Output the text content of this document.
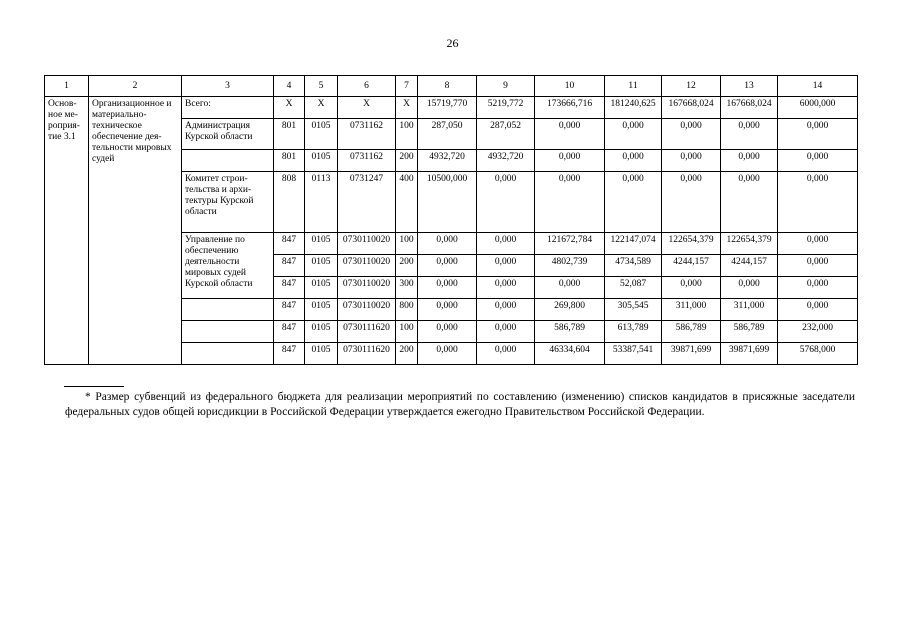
26
1	2	3	4	5	6	7	8	9	10	11	12	13	14
Основное мероприятие 3.1	Организационное и материально-техническое обеспечение деятельности мировых судей	Всего:	X	X	X	X	15719,770	5219,772	173666,716	181240,625	167668,024	167668,024	6000,000
		Администрация Курской области	801	0105	0731162	100	287,050	287,052	0,000	0,000	0,000	0,000	0,000
			801	0105	0731162	200	4932,720	4932,720	0,000	0,000	0,000	0,000	0,000
		Комитет строительства и архитектуры Курской области	808	0113	0731247	400	10500,000	0,000	0,000	0,000	0,000	0,000	0,000
		Управление по обеспечению деятельности мировых судей Курской области	847	0105	0730110020	100	0,000	0,000	121672,784	122147,074	122654,379	122654,379	0,000
			847	0105	0730110020	200	0,000	0,000	4802,739	4734,589	4244,157	4244,157	0,000
			847	0105	0730110020	300	0,000	0,000	0,000	52,087	0,000	0,000	0,000
			847	0105	0730110020	800	0,000	0,000	269,800	305,545	311,000	311,000	0,000
			847	0105	0730111620	100	0,000	0,000	586,789	613,789	586,789	586,789	232,000
			847	0105	0730111620	200	0,000	0,000	46334,604	53387,541	39871,699	39871,699	5768,000
* Размер субвенций из федерального бюджета для реализации мероприятий по составлению (изменению) списков кандидатов в присяжные заседатели федеральных судов общей юрисдикции в Российской Федерации утверждается ежегодно Правительством Российской Федерации.
